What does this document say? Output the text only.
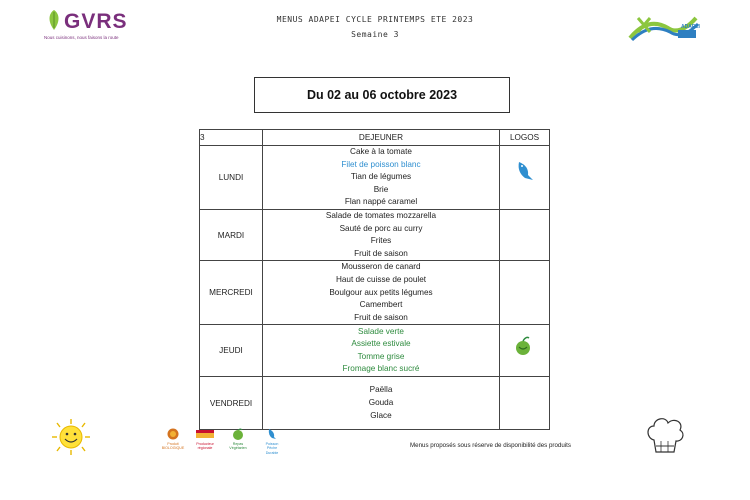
GVRS
Nous cuisinons, nous faisons la route
MENUS ADAPEI CYCLE PRINTEMPS ETE 2023
Semaine 3
ADAPEI
Du 02 au 06 octobre 2023
3	DEJEUNER	LOGOS
LUNDI	Cake à la tomate
Filet de poisson blanc
Tian de légumes
Brie
Flan nappé caramel

MARDI	Salade de tomates mozzarella
Sauté de porc au curry
Frites
Fruit de saison	

MERCREDI	Mousseron de canard
Haut de cuisse de poulet
Boulgour aux petits légumes
Camembert
Fruit de saison	

JEUDI	Salade verte
Assiette estivale
Tomme grise
Fromage blanc sucré

VENDREDI	Paëlla
Gouda
Glace	

Produit
BIOLOGIQUE
Producteur
régionale
Repas
Végétarien
Poisson
Pêche
Durable
Menus proposés sous réserve de disponibilité des produits
